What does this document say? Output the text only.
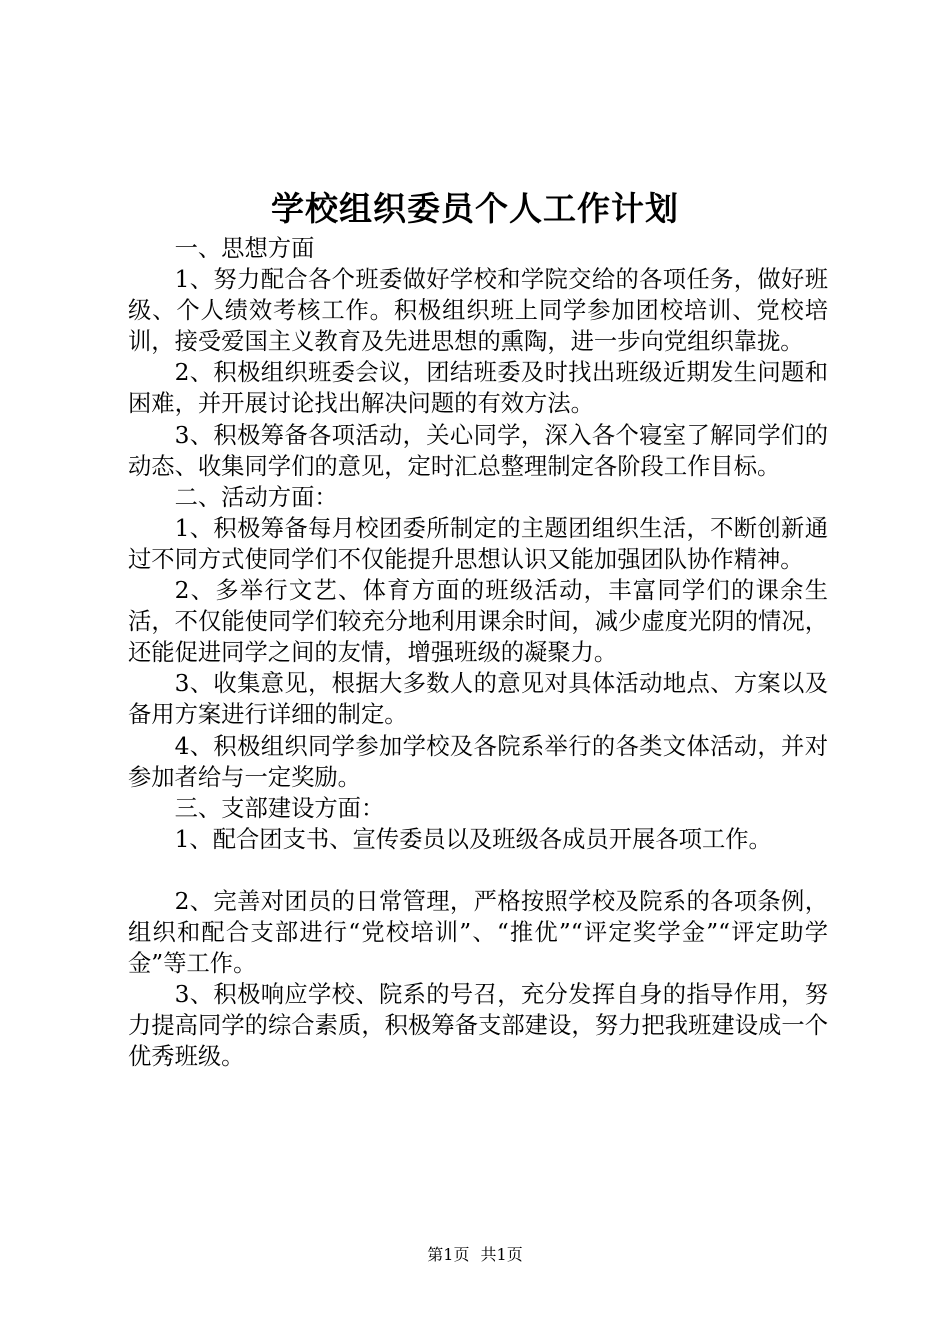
学校组织委员个人工作计划

一、思想方面

1、努力配合各个班委做好学校和学院交给的各项任务，做好班级、个人绩效考核工作。积极组织班上同学参加团校培训、党校培训，接受爱国主义教育及先进思想的熏陶，进一步向党组织靠拢。

2、积极组织班委会议，团结班委及时找出班级近期发生问题和困难，并开展讨论找出解决问题的有效方法。

3、积极筹备各项活动，关心同学，深入各个寝室了解同学们的动态、收集同学们的意见，定时汇总整理制定各阶段工作目标。

二、活动方面：

1、积极筹备每月校团委所制定的主题团组织生活，不断创新通过不同方式使同学们不仅能提升思想认识又能加强团队协作精神。

2、多举行文艺、体育方面的班级活动，丰富同学们的课余生活，不仅能使同学们较充分地利用课余时间，减少虚度光阴的情况，还能促进同学之间的友情，增强班级的凝聚力。

3、收集意见，根据大多数人的意见对具体活动地点、方案以及备用方案进行详细的制定。

4、积极组织同学参加学校及各院系举行的各类文体活动，并对参加者给与一定奖励。

三、支部建设方面：

1、配合团支书、宣传委员以及班级各成员开展各项工作。

2、完善对团员的日常管理，严格按照学校及院系的各项条例，组织和配合支部进行“党校培训”、“推优”“评定奖学金”“评定助学金”等工作。

3、积极响应学校、院系的号召，充分发挥自身的指导作用，努力提高同学的综合素质，积极筹备支部建设，努力把我班建设成一个优秀班级。

第1页 共1页
